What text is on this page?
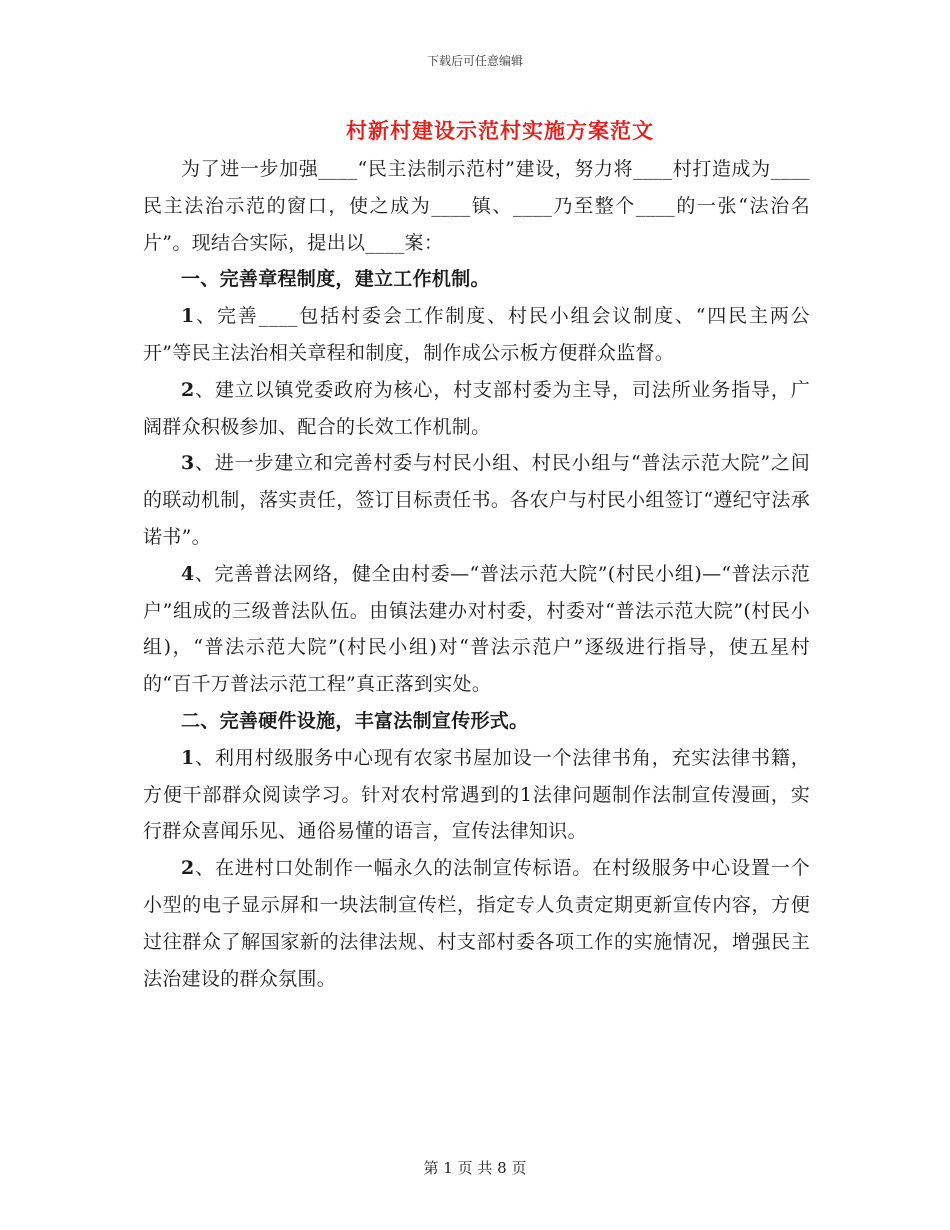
下载后可任意编辑
村新村建设示范村实施方案范文

为了进一步加强____“民主法制示范村”建设，努力将____村打造成为____民主法治示范的窗口，使之成为____镇、____乃至整个____的一张“法治名片”。现结合实际，提出以____案：

一、完善章程制度，建立工作机制。

1、完善____包括村委会工作制度、村民小组会议制度、“四民主两公开”等民主法治相关章程和制度，制作成公示板方便群众监督。

2、建立以镇党委政府为核心，村支部村委为主导，司法所业务指导，广阔群众积极参加、配合的长效工作机制。

3、进一步建立和完善村委与村民小组、村民小组与“普法示范大院”之间的联动机制，落实责任，签订目标责任书。各农户与村民小组签订“遵纪守法承诺书”。

4、完善普法网络，健全由村委—“普法示范大院”(村民小组)—“普法示范户”组成的三级普法队伍。由镇法建办对村委，村委对“普法示范大院”(村民小组)，“普法示范大院”(村民小组)对“普法示范户”逐级进行指导，使五星村的“百千万普法示范工程”真正落到实处。

二、完善硬件设施，丰富法制宣传形式。

1、利用村级服务中心现有农家书屋加设一个法律书角，充实法律书籍，方便干部群众阅读学习。针对农村常遇到的1法律问题制作法制宣传漫画，实行群众喜闻乐见、通俗易懂的语言，宣传法律知识。

2、在进村口处制作一幅永久的法制宣传标语。在村级服务中心设置一个小型的电子显示屏和一块法制宣传栏，指定专人负责定期更新宣传内容，方便过往群众了解国家新的法律法规、村支部村委各项工作的实施情况，增强民主法治建设的群众氛围。

第 1 页 共 8 页
